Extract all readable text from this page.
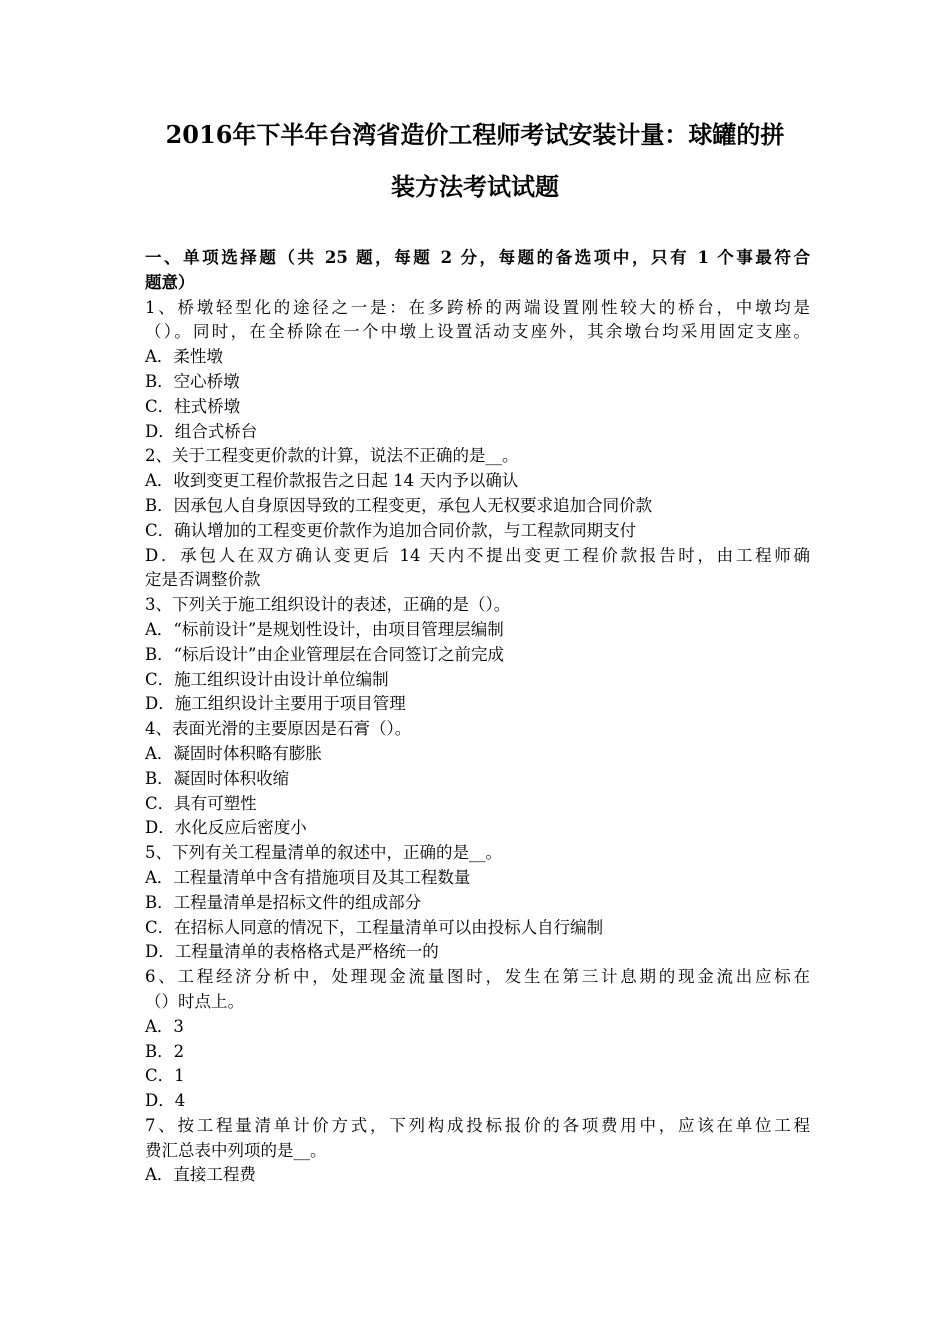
2016年下半年台湾省造价工程师考试安装计量：球罐的拼
装方法考试试题
一、单项选择题（共 25 题，每题 2 分，每题的备选项中，只有 1 个事最符合
题意）
1、桥墩轻型化的途径之一是：在多跨桥的两端设置刚性较大的桥台，中墩均是
（）。同时，在全桥除在一个中墩上设置活动支座外，其余墩台均采用固定支座。
A．柔性墩
B．空心桥墩
C．柱式桥墩
D．组合式桥台
2、关于工程变更价款的计算，说法不正确的是__。
A．收到变更工程价款报告之日起 14 天内予以确认
B．因承包人自身原因导致的工程变更，承包人无权要求追加合同价款
C．确认增加的工程变更价款作为追加合同价款，与工程款同期支付
D．承包人在双方确认变更后 14 天内不提出变更工程价款报告时，由工程师确
定是否调整价款
3、下列关于施工组织设计的表述，正确的是（）。
A．“标前设计”是规划性设计，由项目管理层编制
B．“标后设计”由企业管理层在合同签订之前完成
C．施工组织设计由设计单位编制
D．施工组织设计主要用于项目管理
4、表面光滑的主要原因是石膏（）。
A．凝固时体积略有膨胀
B．凝固时体积收缩
C．具有可塑性
D．水化反应后密度小
5、下列有关工程量清单的叙述中，正确的是__。
A．工程量清单中含有措施项目及其工程数量
B．工程量清单是招标文件的组成部分
C．在招标人同意的情况下，工程量清单可以由投标人自行编制
D．工程量清单的表格格式是严格统一的
6、工程经济分析中，处理现金流量图时，发生在第三计息期的现金流出应标在
（）时点上。
A．3
B．2
C．1
D．4
7、按工程量清单计价方式，下列构成投标报价的各项费用中，应该在单位工程
费汇总表中列项的是__。
A．直接工程费
